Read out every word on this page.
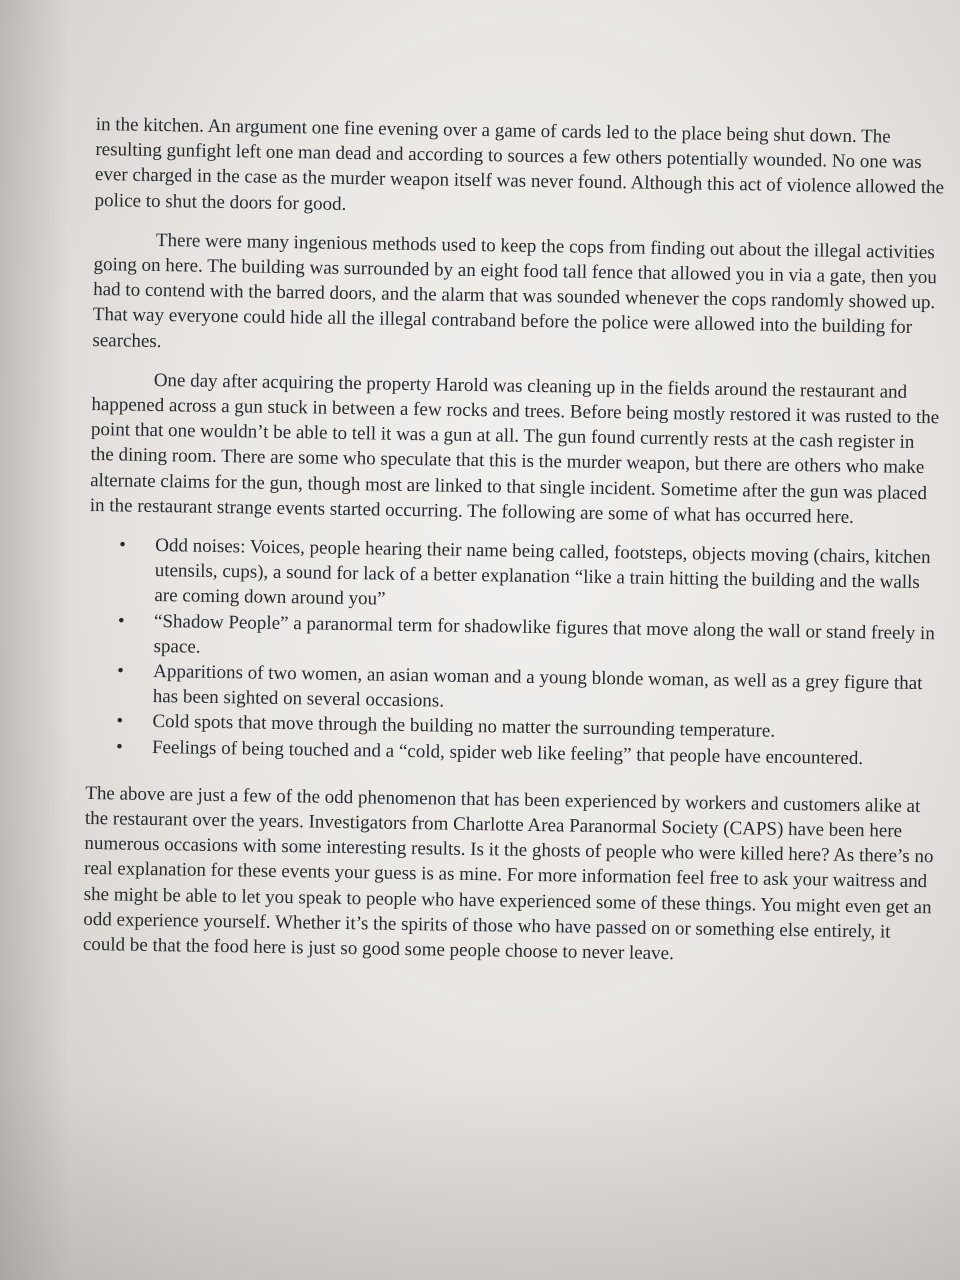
in the kitchen. An argument one fine evening over a game of cards led to the place being shut down. The resulting gunfight left one man dead and according to sources a few others potentially wounded. No one was ever charged in the case as the murder weapon itself was never found. Although this act of violence allowed the police to shut the doors for good.

There were many ingenious methods used to keep the cops from finding out about the illegal activities going on here. The building was surrounded by an eight food tall fence that allowed you in via a gate, then you had to contend with the barred doors, and the alarm that was sounded whenever the cops randomly showed up. That way everyone could hide all the illegal contraband before the police were allowed into the building for searches.

One day after acquiring the property Harold was cleaning up in the fields around the restaurant and happened across a gun stuck in between a few rocks and trees. Before being mostly restored it was rusted to the point that one wouldn’t be able to tell it was a gun at all. The gun found currently rests at the cash register in the dining room. There are some who speculate that this is the murder weapon, but there are others who make alternate claims for the gun, though most are linked to that single incident. Sometime after the gun was placed in the restaurant strange events started occurring. The following are some of what has occurred here.

• Odd noises: Voices, people hearing their name being called, footsteps, objects moving (chairs, kitchen utensils, cups), a sound for lack of a better explanation “like a train hitting the building and the walls are coming down around you”
• “Shadow People” a paranormal term for shadowlike figures that move along the wall or stand freely in space.
• Apparitions of two women, an asian woman and a young blonde woman, as well as a grey figure that has been sighted on several occasions.
• Cold spots that move through the building no matter the surrounding temperature.
• Feelings of being touched and a “cold, spider web like feeling” that people have encountered.

The above are just a few of the odd phenomenon that has been experienced by workers and customers alike at the restaurant over the years. Investigators from Charlotte Area Paranormal Society (CAPS) have been here numerous occasions with some interesting results. Is it the ghosts of people who were killed here? As there’s no real explanation for these events your guess is as mine. For more information feel free to ask your waitress and she might be able to let you speak to people who have experienced some of these things. You might even get an odd experience yourself. Whether it’s the spirits of those who have passed on or something else entirely, it could be that the food here is just so good some people choose to never leave.
